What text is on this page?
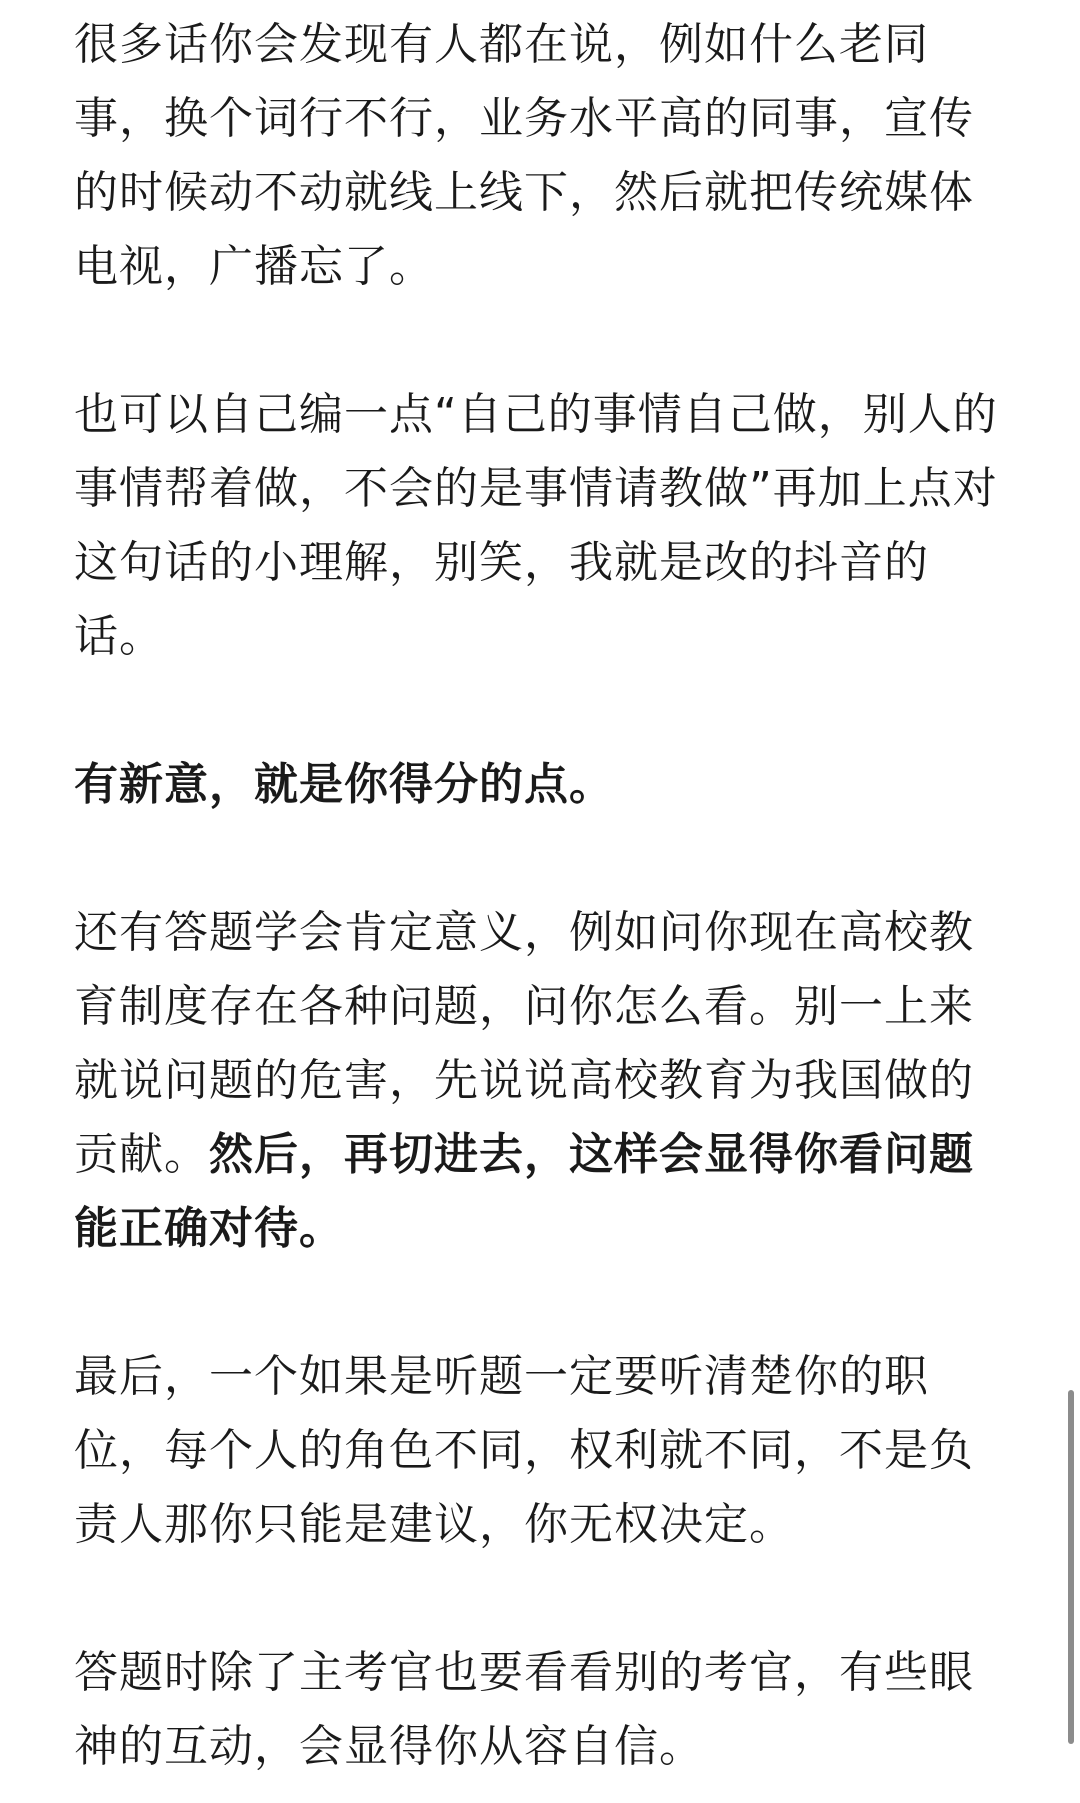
很多话你会发现有人都在说，例如什么老同事，换个词行不行，业务水平高的同事，宣传的时候动不动就线上线下，然后就把传统媒体电视，广播忘了。

也可以自己编一点“自己的事情自己做，别人的事情帮着做，不会的是事情请教做”再加上点对这句话的小理解，别笑，我就是改的抖音的话。

有新意，就是你得分的点。

还有答题学会肯定意义，例如问你现在高校教育制度存在各种问题，问你怎么看。别一上来就说问题的危害，先说说高校教育为我国做的贡献。然后，再切进去，这样会显得你看问题能正确对待。

最后，一个如果是听题一定要听清楚你的职位，每个人的角色不同，权利就不同，不是负责人那你只能是建议，你无权决定。

答题时除了主考官也要看看别的考官，有些眼神的互动，会显得你从容自信。
